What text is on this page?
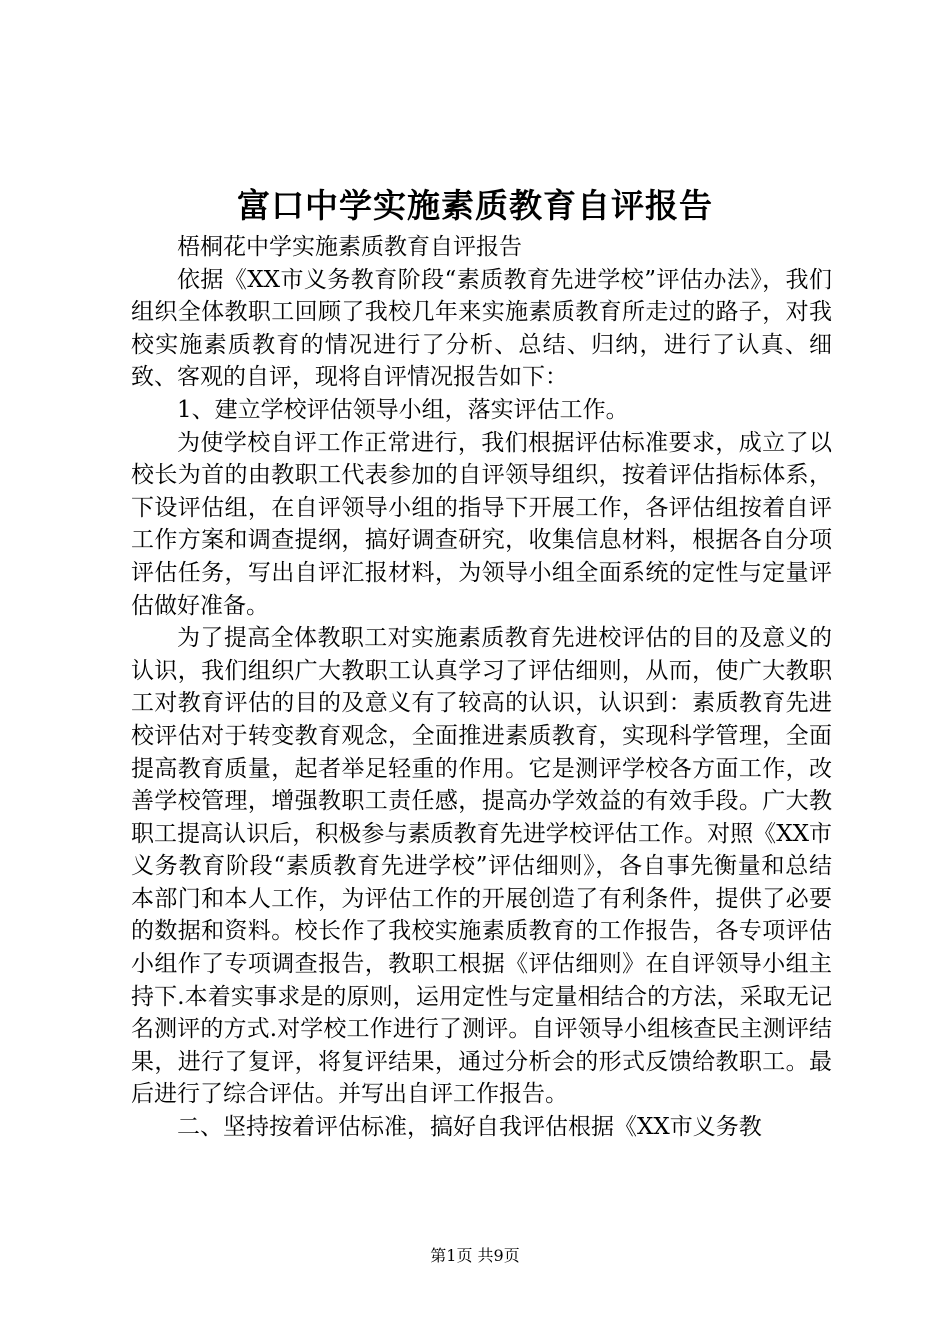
富口中学实施素质教育自评报告

梧桐花中学实施素质教育自评报告

依据《XX市义务教育阶段“素质教育先进学校”评估办法》，我们组织全体教职工回顾了我校几年来实施素质教育所走过的路子，对我校实施素质教育的情况进行了分析、总结、归纳，进行了认真、细致、客观的自评，现将自评情况报告如下：

1、建立学校评估领导小组，落实评估工作。

为使学校自评工作正常进行，我们根据评估标准要求，成立了以校长为首的由教职工代表参加的自评领导组织，按着评估指标体系，下设评估组，在自评领导小组的指导下开展工作，各评估组按着自评工作方案和调查提纲，搞好调查研究，收集信息材料，根据各自分项评估任务，写出自评汇报材料，为领导小组全面系统的定性与定量评估做好准备。

为了提高全体教职工对实施素质教育先进校评估的目的及意义的认识，我们组织广大教职工认真学习了评估细则，从而，使广大教职工对教育评估的目的及意义有了较高的认识，认识到：素质教育先进校评估对于转变教育观念，全面推进素质教育，实现科学管理，全面提高教育质量，起者举足轻重的作用。它是测评学校各方面工作，改善学校管理，增强教职工责任感，提高办学效益的有效手段。广大教职工提高认识后，积极参与素质教育先进学校评估工作。对照《XX市义务教育阶段“素质教育先进学校”评估细则》，各自事先衡量和总结本部门和本人工作，为评估工作的开展创造了有利条件，提供了必要的数据和资料。校长作了我校实施素质教育的工作报告，各专项评估小组作了专项调查报告，教职工根据《评估细则》在自评领导小组主持下.本着实事求是的原则，运用定性与定量相结合的方法，采取无记名测评的方式.对学校工作进行了测评。自评领导小组核查民主测评结果，进行了复评，将复评结果，通过分析会的形式反馈给教职工。最后进行了综合评估。并写出自评工作报告。

二、坚持按着评估标准，搞好自我评估根据《XX市义务教

第1页 共9页
